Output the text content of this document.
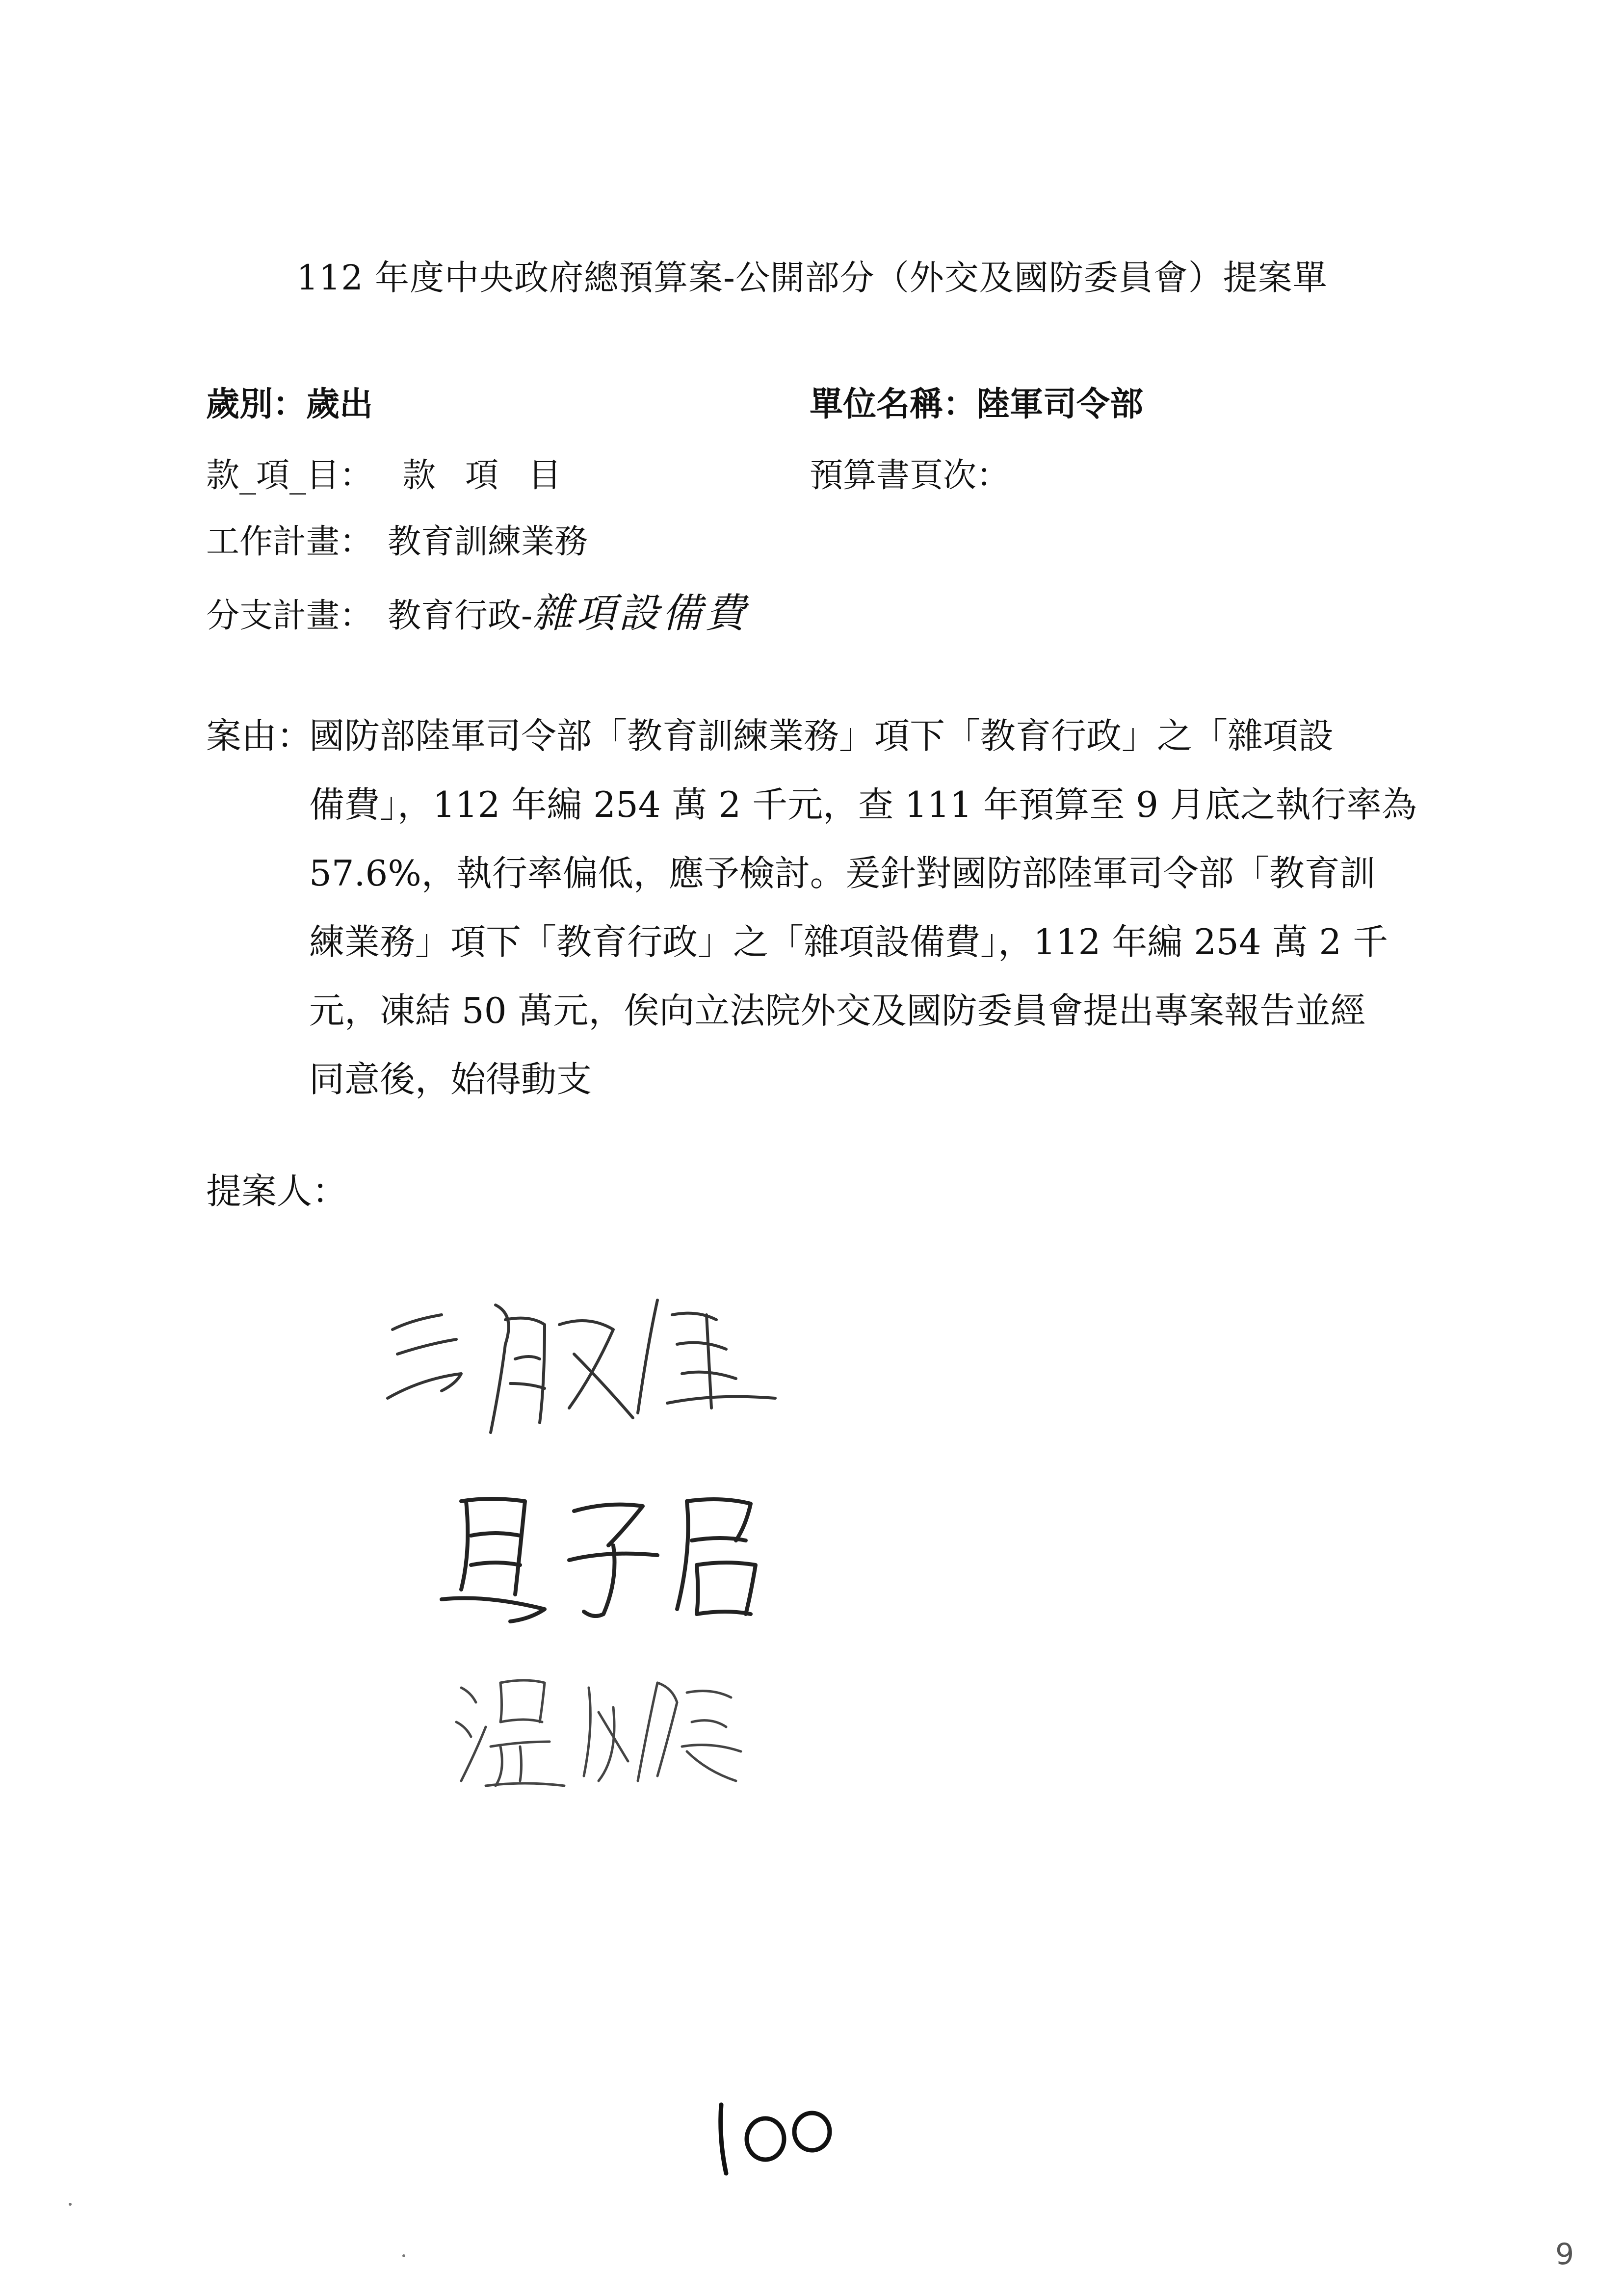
112 年度中央政府總預算案-公開部分（外交及國防委員會）提案單
歲別：歲出	單位名稱：陸軍司令部
款_項_目： 款 項 目	預算書頁次：
工作計畫： 教育訓練業務
分支計畫： 教育行政-雜項設備費
案由：
國防部陸軍司令部「教育訓練業務」項下「教育行政」之「雜項設
備費」，112 年編 254 萬 2 千元，查 111 年預算至 9 月底之執行率為
57.6%，執行率偏低，應予檢討。爰針對國防部陸軍司令部「教育訓
練業務」項下「教育行政」之「雜項設備費」，112 年編 254 萬 2 千
元，凍結 50 萬元，俟向立法院外交及國防委員會提出專案報告並經
同意後，始得動支
提案人：
9
